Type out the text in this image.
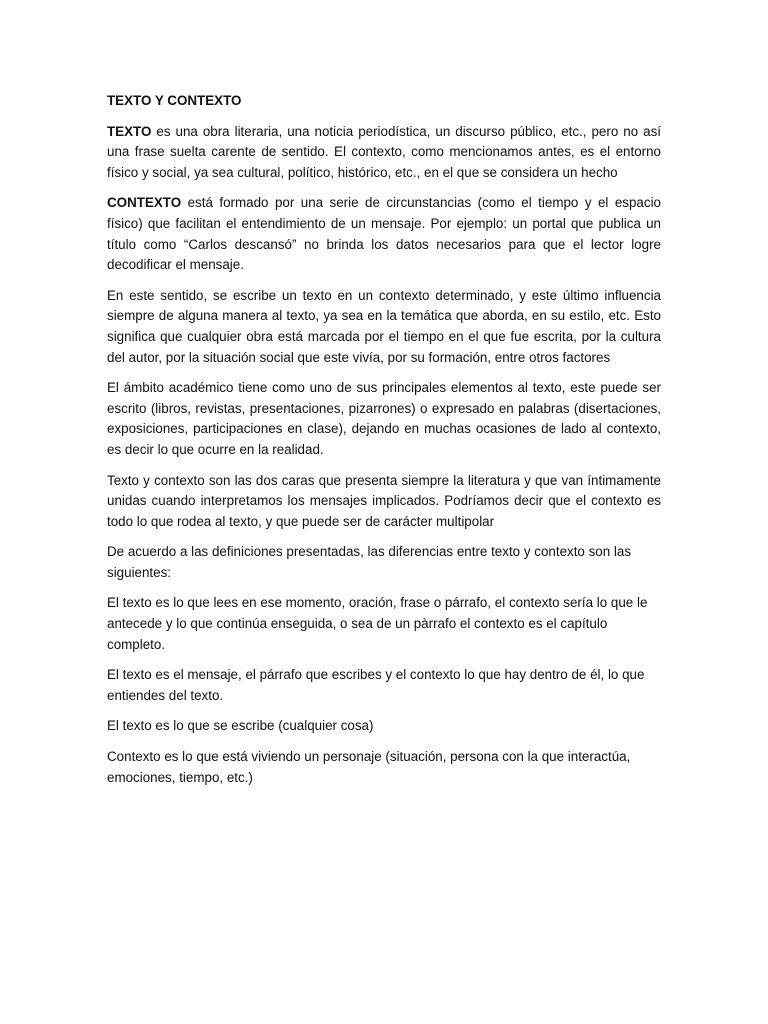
TEXTO Y CONTEXTO

TEXTO es una obra literaria, una noticia periodística, un discurso público, etc., pero no así una frase suelta carente de sentido. El contexto, como mencionamos antes, es el entorno físico y social, ya sea cultural, político, histórico, etc., en el que se considera un hecho

CONTEXTO está formado por una serie de circunstancias (como el tiempo y el espacio físico) que facilitan el entendimiento de un mensaje. Por ejemplo: un portal que publica un título como “Carlos descansó” no brinda los datos necesarios para que el lector logre decodificar el mensaje.

En este sentido, se escribe un texto en un contexto determinado, y este último influencia siempre de alguna manera al texto, ya sea en la temática que aborda, en su estilo, etc. Esto significa que cualquier obra está marcada por el tiempo en el que fue escrita, por la cultura del autor, por la situación social que este vivía, por su formación, entre otros factores

El ámbito académico tiene como uno de sus principales elementos al texto, este puede ser escrito (libros, revistas, presentaciones, pizarrones) o expresado en palabras (disertaciones, exposiciones, participaciones en clase), dejando en muchas ocasiones de lado al contexto, es decir lo que ocurre en la realidad.

Texto y contexto son las dos caras que presenta siempre la literatura y que van íntimamente unidas cuando interpretamos los mensajes implicados. Podríamos decir que el contexto es todo lo que rodea al texto, y que puede ser de carácter multipolar

De acuerdo a las definiciones presentadas, las diferencias entre texto y contexto son las siguientes:

El texto es lo que lees en ese momento, oración, frase o párrafo, el contexto sería lo que le antecede y lo que continúa enseguida, o sea de un pàrrafo el contexto es el capítulo completo.

El texto es el mensaje, el párrafo que escribes y el contexto lo que hay dentro de él, lo que entiendes del texto.

El texto es lo que se escribe (cualquier cosa)

Contexto es lo que está viviendo un personaje (situación, persona con la que interactúa, emociones, tiempo, etc.)
